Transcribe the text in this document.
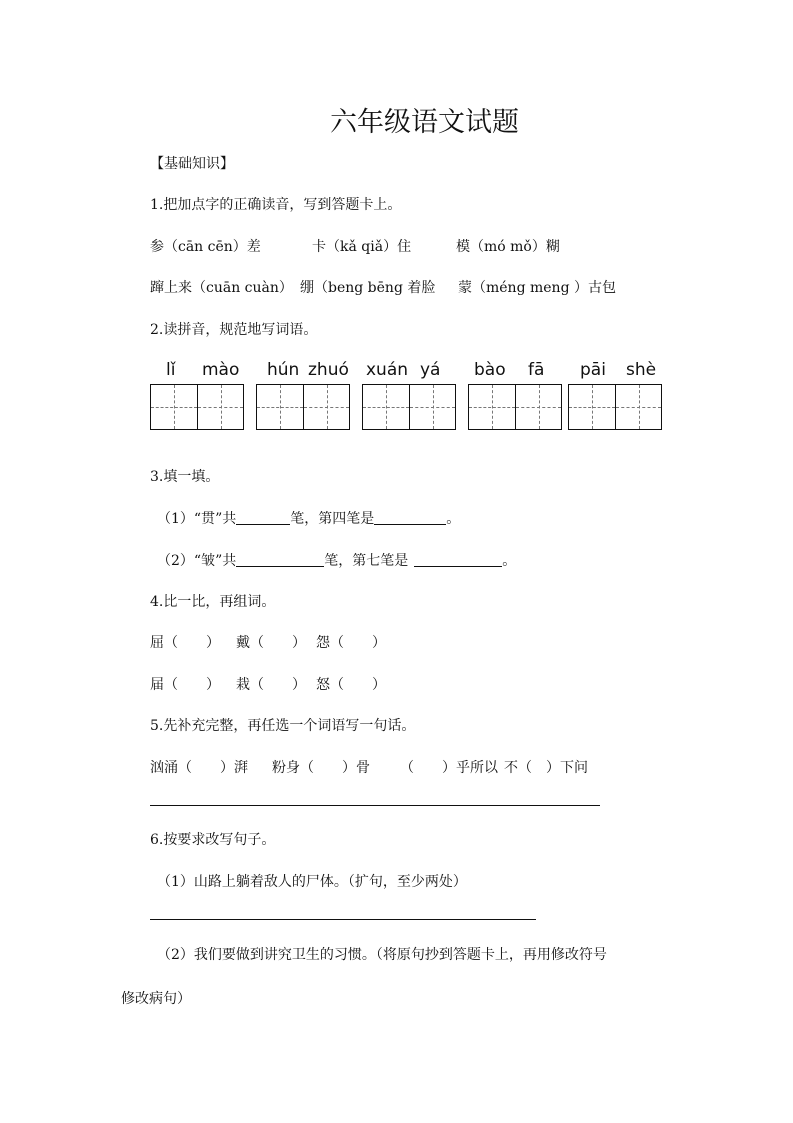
六年级语文试题
【基础知识】
1.把加点字的正确读音，写到答题卡上。
参（cān cēn）差	卡（kǎ qiǎ）住	模（mó mǒ）糊
蹿上来（cuān cuàn） 绷（beng bēng 着脸 蒙（méng meng ）古包
2.读拼音，规范地写词语。
lǐ mào hún zhuó xuán yá bào fā pāi shè
3.填一填。
（1）“贯”共	笔，第四笔是	。
（2）“皱”共	笔，第七笔是	。
4.比一比，再组词。
屈（　　） 戴（　　） 怨（　　）
届（　　） 栽（　　） 怒（　　）
5.先补充完整，再任选一个词语写一句话。
汹涌（　　）湃 粉身（　　）骨 （　　）乎所以 不（　）下问
6.按要求改写句子。
（1）山路上躺着敌人的尸体。（扩句，至少两处）
（2）我们要做到讲究卫生的习惯。（将原句抄到答题卡上，再用修改符号
修改病句）
